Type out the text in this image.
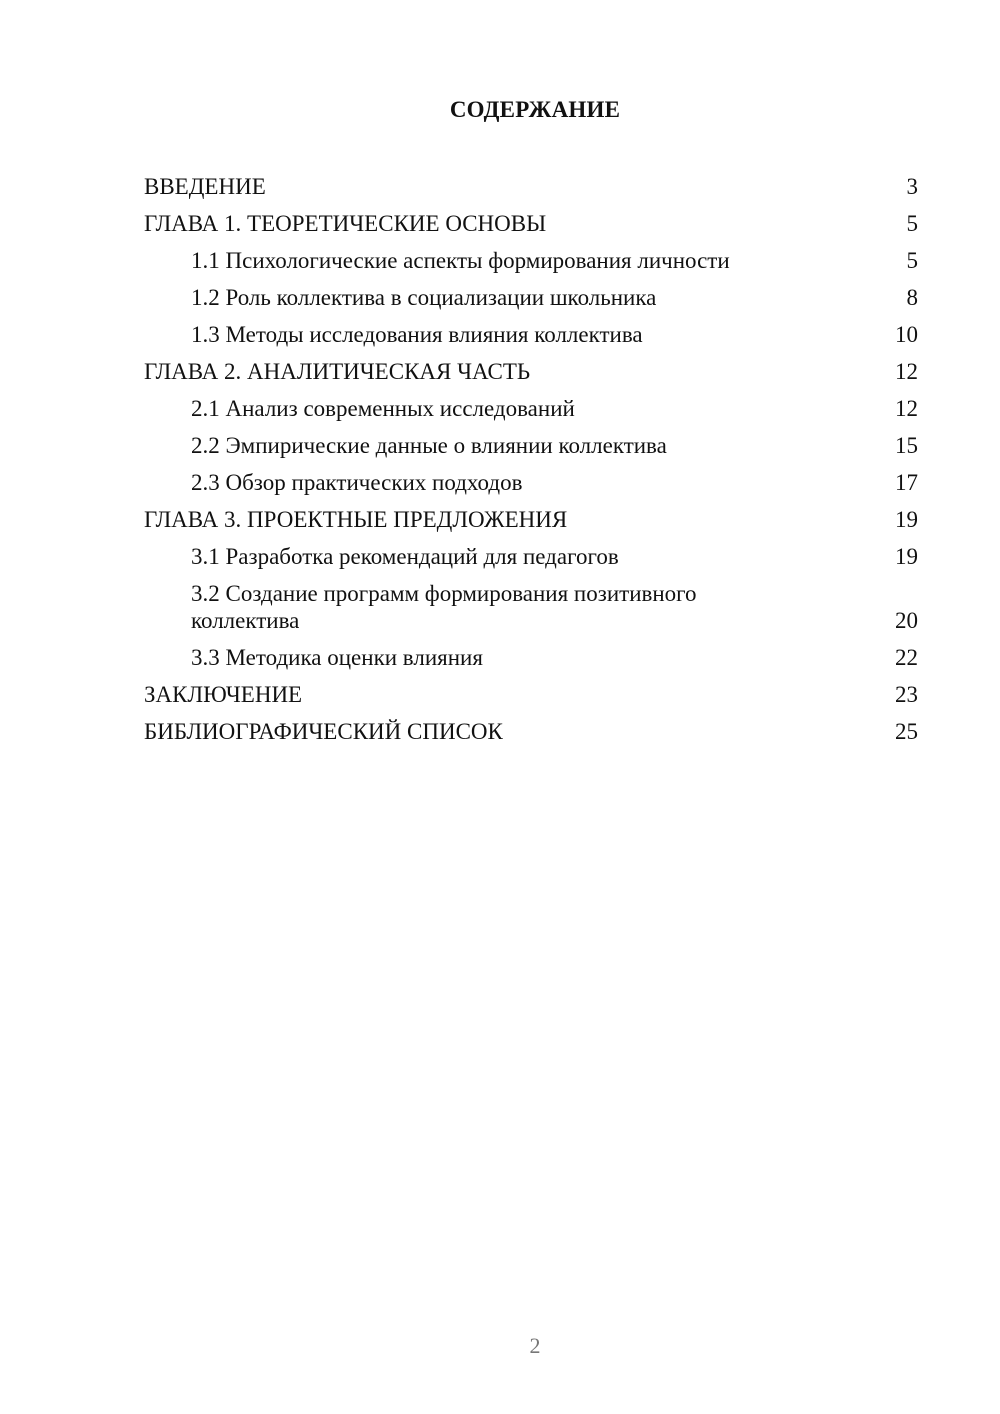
СОДЕРЖАНИЕ
ВВЕДЕНИЕ	3
ГЛАВА 1. ТЕОРЕТИЧЕСКИЕ ОСНОВЫ	5
1.1 Психологические аспекты формирования личности	5
1.2 Роль коллектива в социализации школьника	8
1.3 Методы исследования влияния коллектива	10
ГЛАВА 2. АНАЛИТИЧЕСКАЯ ЧАСТЬ	12
2.1 Анализ современных исследований	12
2.2 Эмпирические данные о влиянии коллектива	15
2.3 Обзор практических подходов	17
ГЛАВА 3. ПРОЕКТНЫЕ ПРЕДЛОЖЕНИЯ	19
3.1 Разработка рекомендаций для педагогов	19
3.2 Создание программ формирования позитивного коллектива	20
3.3 Методика оценки влияния	22
ЗАКЛЮЧЕНИЕ	23
БИБЛИОГРАФИЧЕСКИЙ СПИСОК	25
2
